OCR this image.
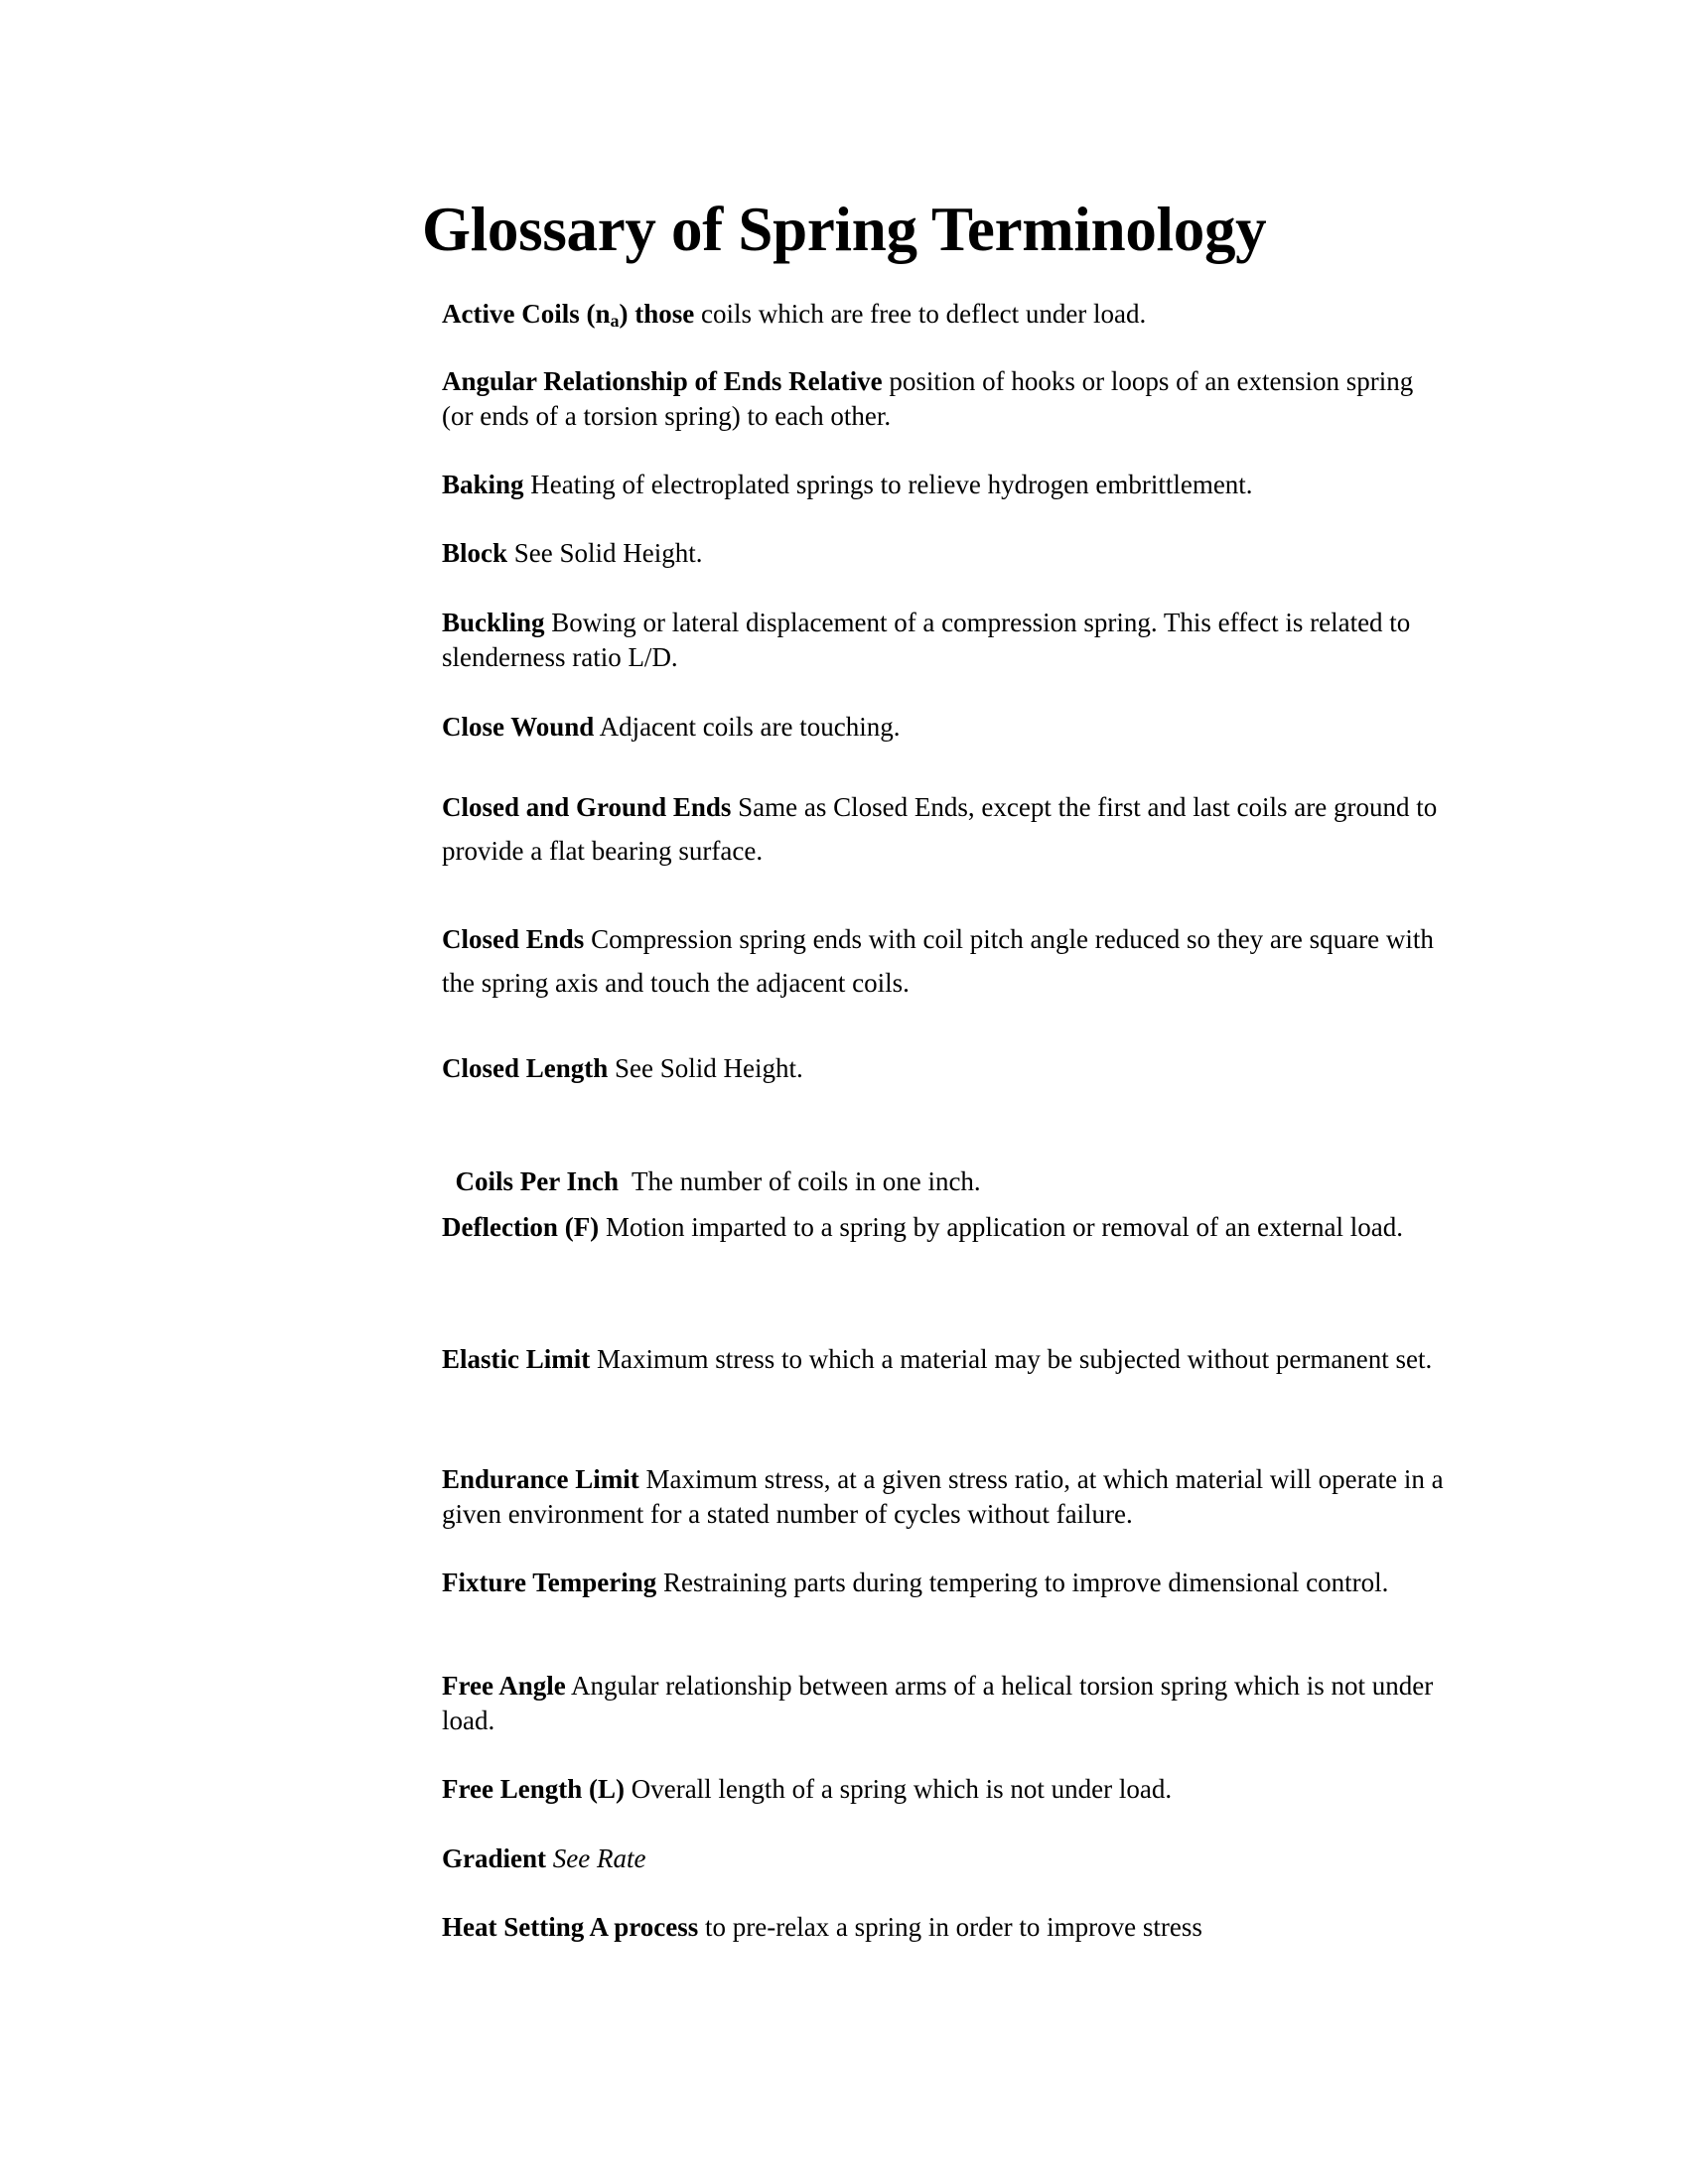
Glossary of Spring Terminology
Active Coils $(n_a)$ those coils which are free to deflect under load.
Angular Relationship of Ends Relative position of hooks or loops of an extension spring (or ends of a torsion spring) to each other.
Baking Heating of electroplated springs to relieve hydrogen embrittlement.
Block See Solid Height.
Buckling Bowing or lateral displacement of a compression spring. This effect is related to slenderness ratio L/D.
Close Wound Adjacent coils are touching.
Closed and Ground Ends Same as Closed Ends, except the first and last coils are ground to provide a flat bearing surface.
Closed Ends Compression spring ends with coil pitch angle reduced so they are square with the spring axis and touch the adjacent coils.
Closed Length See Solid Height.

Coils Per Inch  The number of coils in one inch.

Deflection (F) Motion imparted to a spring by application or removal of an external load.
Elastic Limit Maximum stress to which a material may be subjected without permanent set.
Endurance Limit Maximum stress, at a given stress ratio, at which material will operate in a given environment for a stated number of cycles without failure.
Fixture Tempering Restraining parts during tempering to improve dimensional control.
Free Angle Angular relationship between arms of a helical torsion spring which is not under load.
Free Length (L) Overall length of a spring which is not under load.
Gradient See Rate
Heat Setting A process to pre-relax a spring in order to improve stress
